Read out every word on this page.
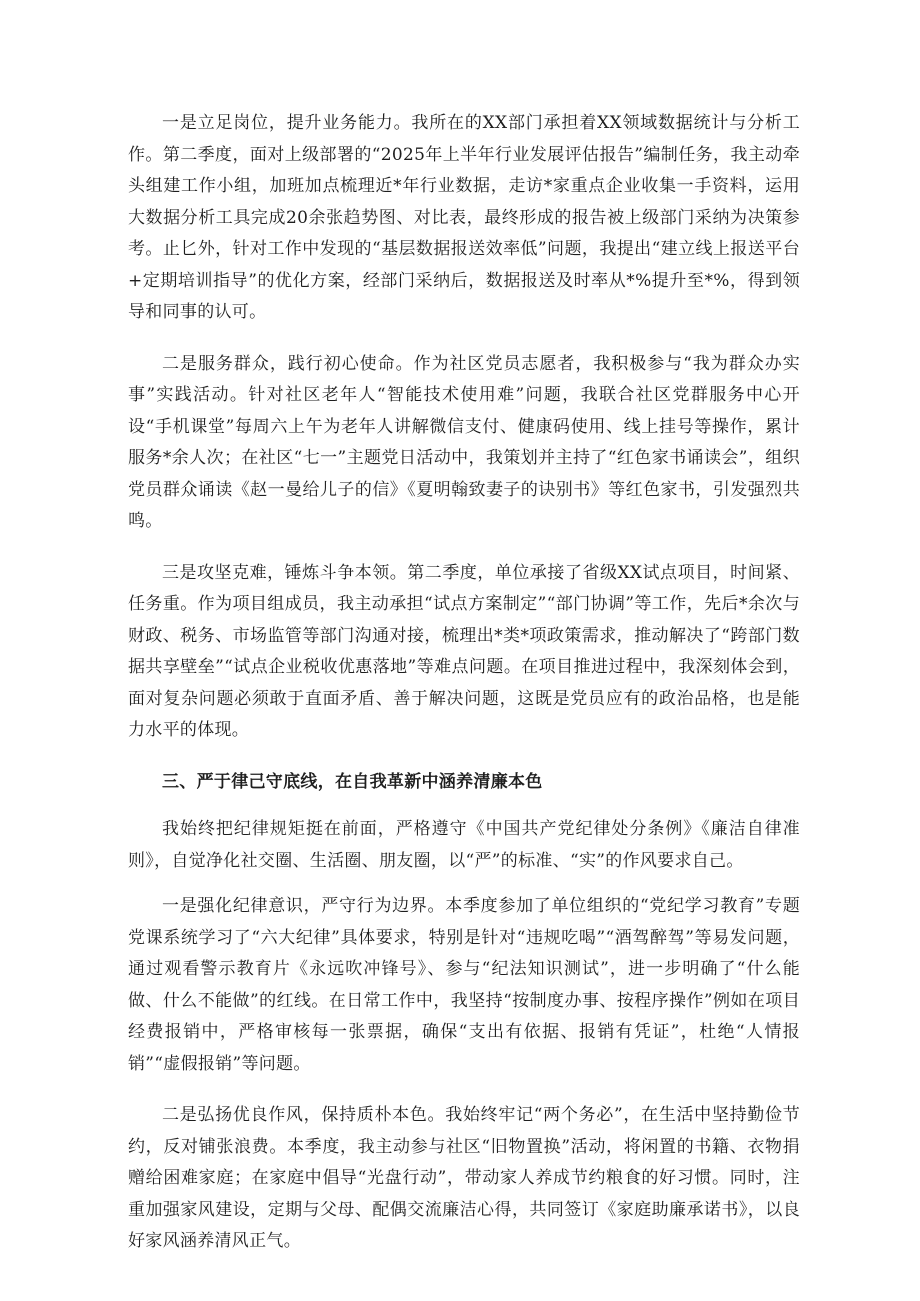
一是立足岗位，提升业务能力。我所在的XX部门承担着XX领域数据统计与分析工作。第二季度，面对上级部署的“2025年上半年行业发展评估报告”编制任务，我主动牵头组建工作小组，加班加点梳理近*年行业数据，走访*家重点企业收集一手资料，运用大数据分析工具完成20余张趋势图、对比表，最终形成的报告被上级部门采纳为决策参考。止匕外，针对工作中发现的“基层数据报送效率低”问题，我提出“建立线上报送平台+定期培训指导”的优化方案，经部门采纳后，数据报送及时率从*%提升至*%，得到领导和同事的认可。

二是服务群众，践行初心使命。作为社区党员志愿者，我积极参与“我为群众办实事”实践活动。针对社区老年人“智能技术使用难”问题，我联合社区党群服务中心开设“手机课堂”每周六上午为老年人讲解微信支付、健康码使用、线上挂号等操作，累计服务*余人次；在社区“七一”主题党日活动中，我策划并主持了“红色家书诵读会”，组织党员群众诵读《赵一曼给儿子的信》《夏明翰致妻子的诀别书》等红色家书，引发强烈共鸣。

三是攻坚克难，锤炼斗争本领。第二季度，单位承接了省级XX试点项目，时间紧、任务重。作为项目组成员，我主动承担“试点方案制定”“部门协调”等工作，先后*余次与财政、税务、市场监管等部门沟通对接，梳理出*类*项政策需求，推动解决了“跨部门数据共享壁垒”“试点企业税收优惠落地”等难点问题。在项目推进过程中，我深刻体会到，面对复杂问题必须敢于直面矛盾、善于解决问题，这既是党员应有的政治品格，也是能力水平的体现。

三、严于律己守底线，在自我革新中涵养清廉本色

我始终把纪律规矩挺在前面，严格遵守《中国共产党纪律处分条例》《廉洁自律准则》，自觉净化社交圈、生活圈、朋友圈，以“严”的标准、“实”的作风要求自己。

一是强化纪律意识，严守行为边界。本季度参加了单位组织的“党纪学习教育”专题党课系统学习了“六大纪律”具体要求，特别是针对“违规吃喝”“酒驾醉驾”等易发问题，通过观看警示教育片《永远吹冲锋号》、参与“纪法知识测试”，进一步明确了“什么能做、什么不能做”的红线。在日常工作中，我坚持“按制度办事、按程序操作”例如在项目经费报销中，严格审核每一张票据，确保“支出有依据、报销有凭证”，杜绝“人情报销”“虚假报销”等问题。

二是弘扬优良作风，保持质朴本色。我始终牢记“两个务必”，在生活中坚持勤俭节约，反对铺张浪费。本季度，我主动参与社区“旧物置换”活动，将闲置的书籍、衣物捐赠给困难家庭；在家庭中倡导“光盘行动”，带动家人养成节约粮食的好习惯。同时，注重加强家风建设，定期与父母、配偶交流廉洁心得，共同签订《家庭助廉承诺书》，以良好家风涵养清风正气。
